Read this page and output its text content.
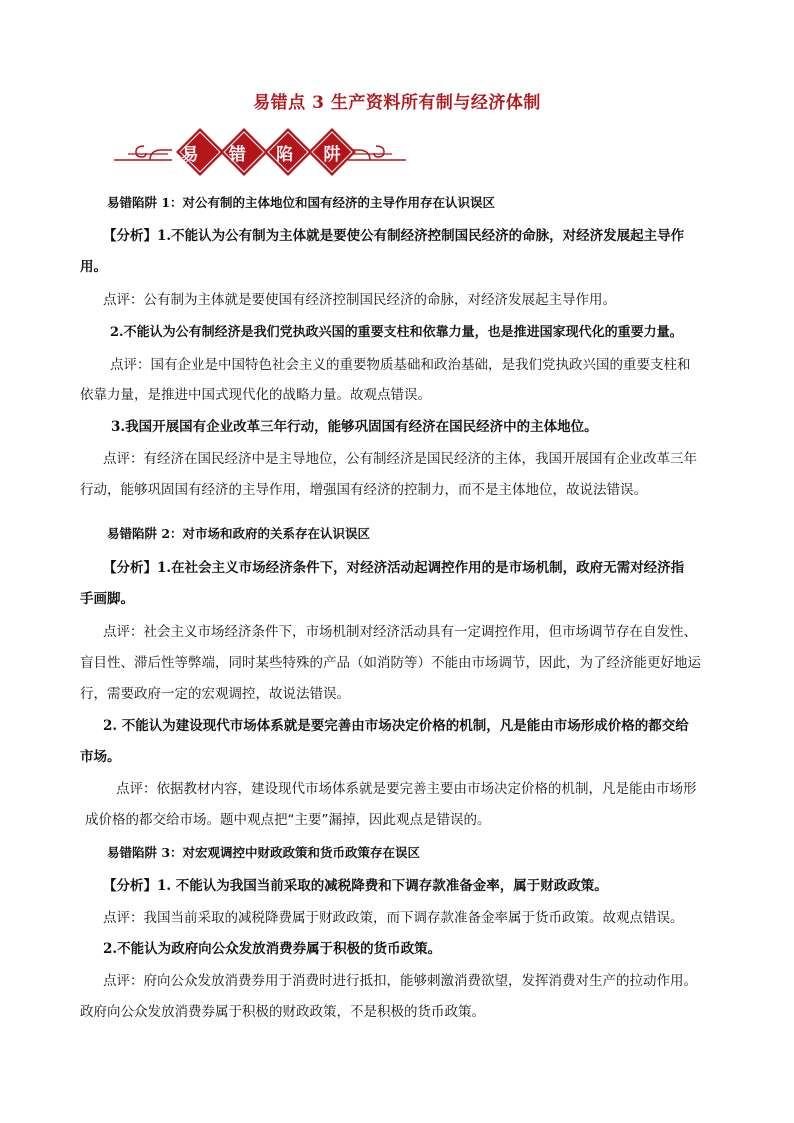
易错点 3 生产资料所有制与经济体制
易	错	陷	阱
易错陷阱 1：对公有制的主体地位和国有经济的主导作用存在认识误区
【分析】1.不能认为公有制为主体就是要使公有制经济控制国民经济的命脉，对经济发展起主导作
用。
点评：公有制为主体就是要使国有经济控制国民经济的命脉，对经济发展起主导作用。
2.不能认为公有制经济是我们党执政兴国的重要支柱和依靠力量，也是推进国家现代化的重要力量。
点评：国有企业是中国特色社会主义的重要物质基础和政治基础，是我们党执政兴国的重要支柱和
依靠力量，是推进中国式现代化的战略力量。故观点错误。
3.我国开展国有企业改革三年行动，能够巩固国有经济在国民经济中的主体地位。
点评：有经济在国民经济中是主导地位，公有制经济是国民经济的主体，我国开展国有企业改革三年
行动，能够巩固国有经济的主导作用，增强国有经济的控制力，而不是主体地位，故说法错误。
易错陷阱 2：对市场和政府的关系存在认识误区
【分析】1.在社会主义市场经济条件下，对经济活动起调控作用的是市场机制，政府无需对经济指
手画脚。
点评：社会主义市场经济条件下，市场机制对经济活动具有一定调控作用，但市场调节存在自发性、
盲目性、滞后性等弊端，同时某些特殊的产品（如消防等）不能由市场调节，因此，为了经济能更好地运
行，需要政府一定的宏观调控，故说法错误。
2. 不能认为建设现代市场体系就是要完善由市场决定价格的机制，凡是能由市场形成价格的都交给
市场。
点评：依据教材内容，建设现代市场体系就是要完善主要由市场决定价格的机制，凡是能由市场形
成价格的都交给市场。题中观点把“主要”漏掉，因此观点是错误的。
易错陷阱 3：对宏观调控中财政政策和货币政策存在误区
【分析】1. 不能认为我国当前采取的减税降费和下调存款准备金率，属于财政政策。
点评：我国当前采取的减税降费属于财政政策，而下调存款准备金率属于货币政策。故观点错误。
2.不能认为政府向公众发放消费券属于积极的货币政策。
点评：府向公众发放消费券用于消费时进行抵扣，能够刺激消费欲望，发挥消费对生产的拉动作用。
政府向公众发放消费券属于积极的财政政策，不是积极的货币政策。
